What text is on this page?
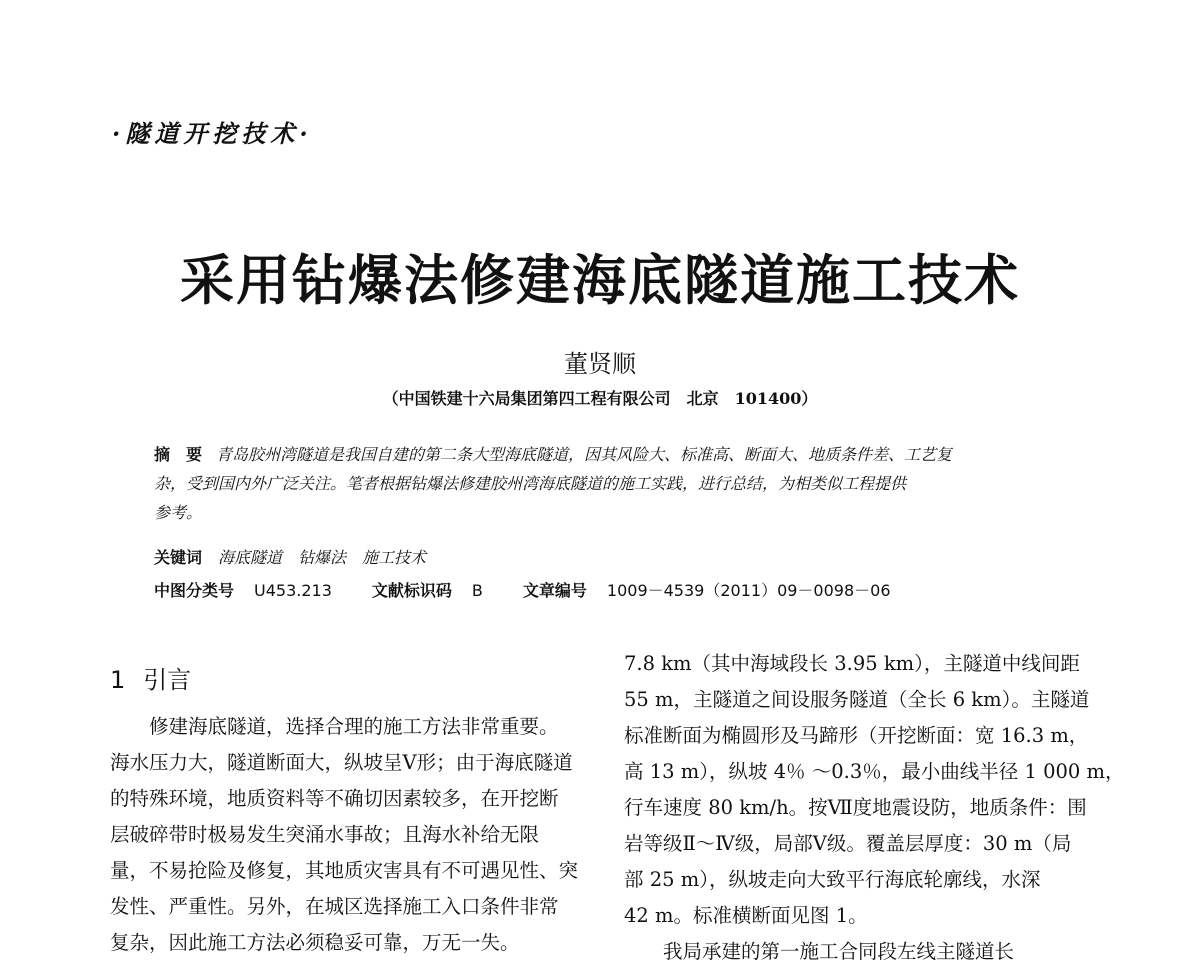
·隧道开挖技术·
采用钻爆法修建海底隧道施工技术
董贤顺
（中国铁建十六局集团第四工程有限公司　北京　101400）
摘　要 青岛胶州湾隧道是我国自建的第二条大型海底隧道，因其风险大、标准高、断面大、地质条件差、工艺复
杂，受到国内外广泛关注。笔者根据钻爆法修建胶州湾海底隧道的施工实践，进行总结，为相类似工程提供
参考。
关键词 海底隧道　钻爆法　施工技术
中图分类号 U453.213	文献标识码 B	文章编号 1009－4539（2011）09－0098－06
1 引言

　　修建海底隧道，选择合理的施工方法非常重要。

海水压力大，隧道断面大，纵坡呈Ⅴ形；由于海底隧道

的特殊环境，地质资料等不确切因素较多，在开挖断

层破碎带时极易发生突涌水事故；且海水补给无限

量，不易抢险及修复，其地质灾害具有不可遇见性、突

发性、严重性。另外，在城区选择施工入口条件非常

复杂，因此施工方法必须稳妥可靠，万无一失。

7.8 km（其中海域段长 3.95 km），主隧道中线间距

55 m，主隧道之间设服务隧道（全长 6 km）。主隧道

标准断面为椭圆形及马蹄形（开挖断面：宽 16.3 m，

高 13 m），纵坡 4％ ～0.3％，最小曲线半径 1 000 m，

行车速度 80 km/h。按Ⅶ度地震设防，地质条件：围

岩等级Ⅱ～Ⅳ级，局部Ⅴ级。覆盖层厚度：30 m（局

部 25 m），纵坡走向大致平行海底轮廓线，水深

42 m。标准横断面见图 1。

　　我局承建的第一施工合同段左线主隧道长
